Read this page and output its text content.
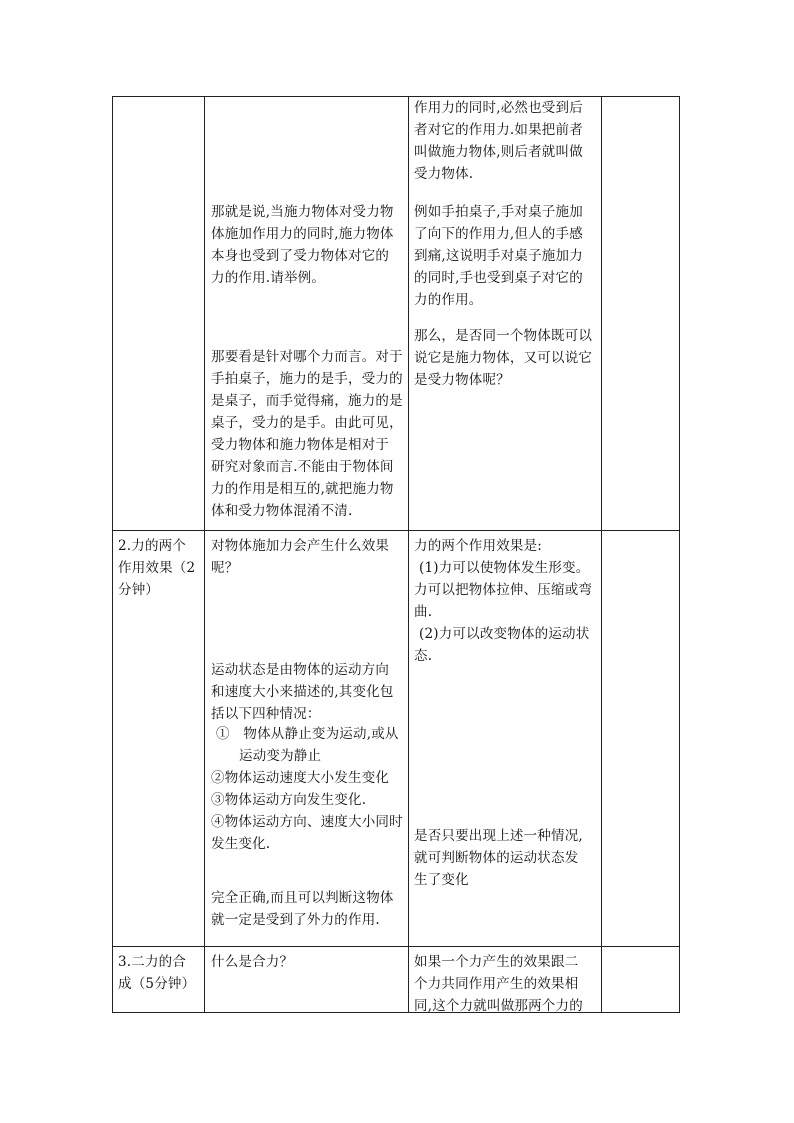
那就是说,当施力物体对受力物
体施加作用力的同时,施力物体
本身也受到了受力物体对它的
力的作用.请举例。
那要看是针对哪个力而言。对于
手拍桌子，施力的是手，受力的
是桌子，而手觉得痛，施力的是
桌子，受力的是手。由此可见，
受力物体和施力物体是相对于
研究对象而言.不能由于物体间
力的作用是相互的,就把施力物
体和受力物体混淆不清.
作用力的同时,必然也受到后
者对它的作用力.如果把前者
叫做施力物体,则后者就叫做
受力物体.
例如手拍桌子,手对桌子施加
了向下的作用力,但人的手感
到痛,这说明手对桌子施加力
的同时,手也受到桌子对它的
力的作用。
那么，是否同一个物体既可以
说它是施力物体，又可以说它
是受力物体呢？
2.力的两个
作用效果（2
分钟）
对物体施加力会产生什么效果
呢？
运动状态是由物体的运动方向
和速度大小来描述的,其变化包
括以下四种情况：
①　物体从静止变为运动,或从
运动变为静止
②物体运动速度大小发生变化
③物体运动方向发生变化.
④物体运动方向、速度大小同时
发生变化.
完全正确,而且可以判断这物体
就一定是受到了外力的作用.
力的两个作用效果是:
(1)力可以使物体发生形变。
力可以把物体拉伸、压缩或弯
曲.
(2)力可以改变物体的运动状
态.
是否只要出现上述一种情况,
就可判断物体的运动状态发
生了变化
3.二力的合
成（5分钟）
什么是合力？	如果一个力产生的效果跟二
个力共同作用产生的效果相
同,这个力就叫做那两个力的
